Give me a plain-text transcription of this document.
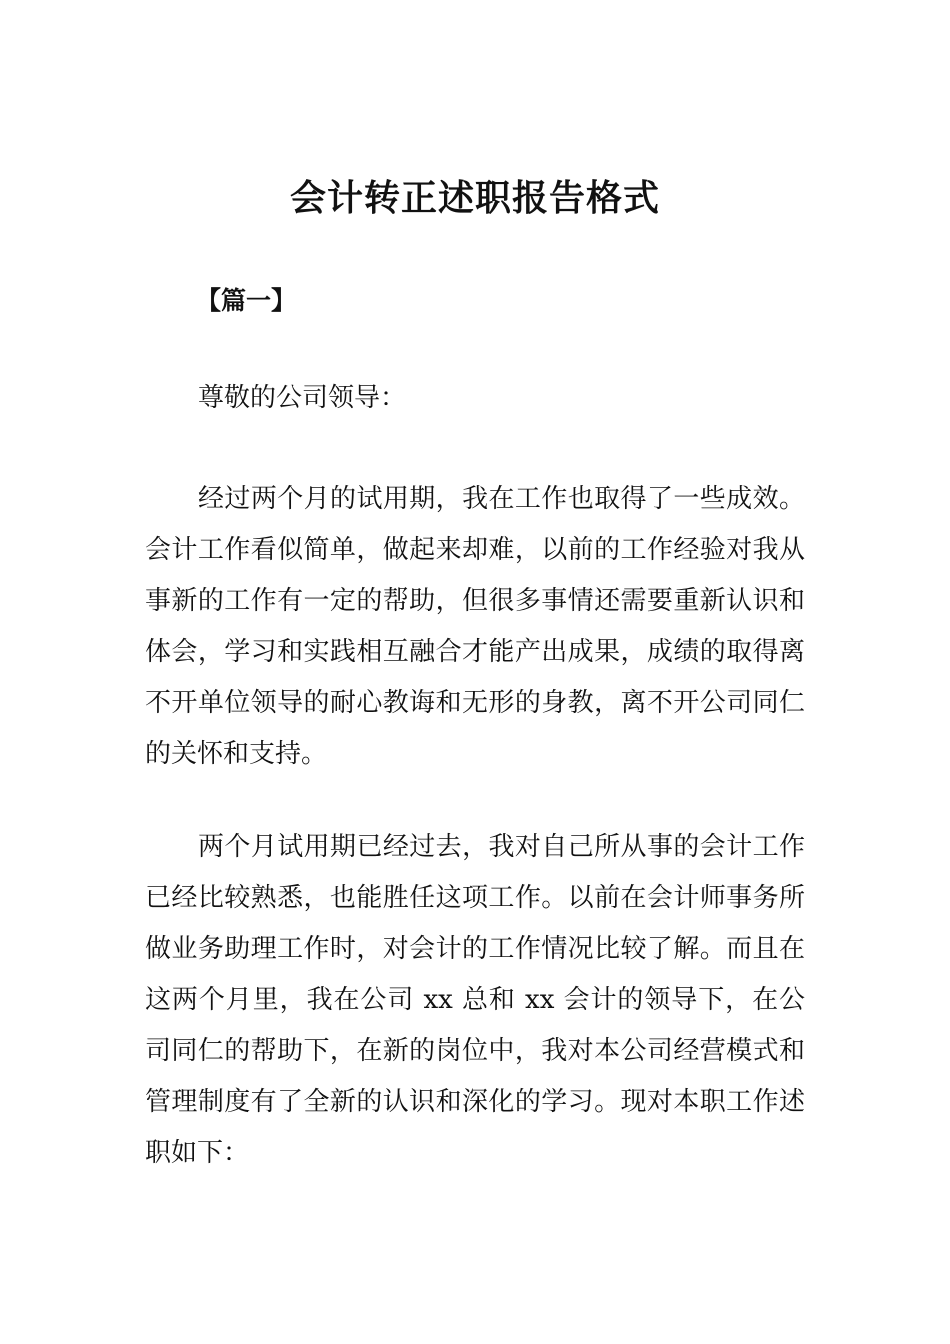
会计转正述职报告格式
【篇一】
尊敬的公司领导：

经过两个月的试用期，我在工作也取得了一些成效。会计工作看似简单，做起来却难，以前的工作经验对我从事新的工作有一定的帮助，但很多事情还需要重新认识和体会，学习和实践相互融合才能产出成果，成绩的取得离不开单位领导的耐心教诲和无形的身教，离不开公司同仁的关怀和支持。

两个月试用期已经过去，我对自己所从事的会计工作已经比较熟悉，也能胜任这项工作。以前在会计师事务所做业务助理工作时，对会计的工作情况比较了解。而且在这两个月里，我在公司 xx 总和 xx 会计的领导下，在公司同仁的帮助下，在新的岗位中，我对本公司经营模式和管理制度有了全新的认识和深化的学习。现对本职工作述职如下：
